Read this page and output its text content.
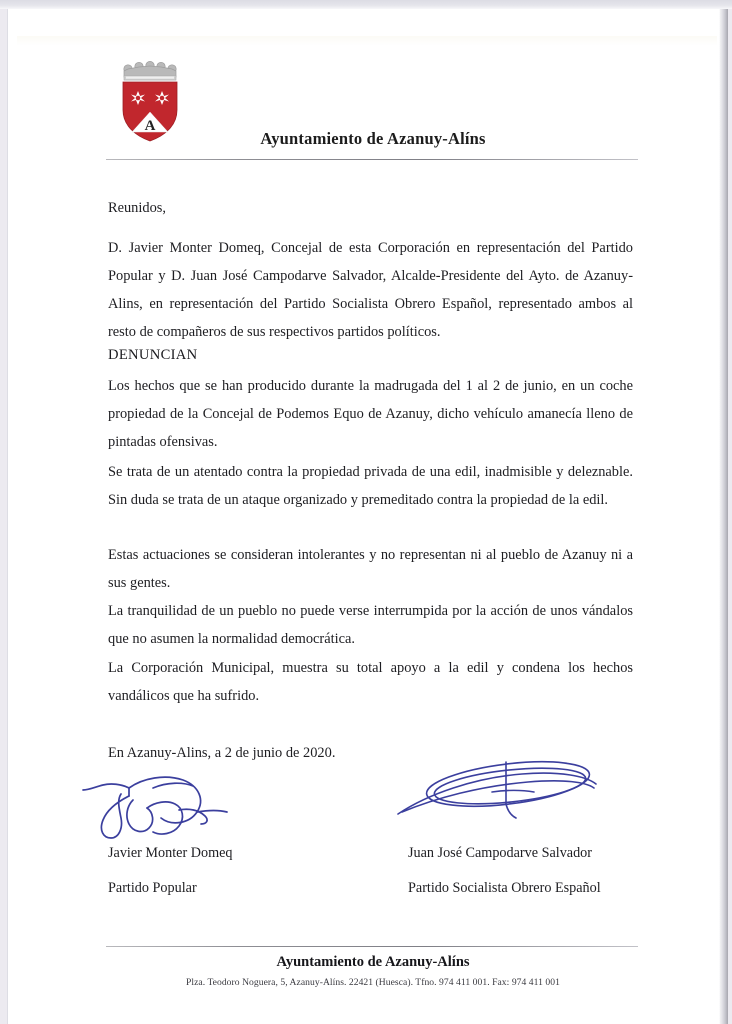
A
Ayuntamiento de Azanuy-Alíns
Reunidos,
D. Javier Monter Domeq, Concejal de esta Corporación en representación del Partido Popular y D. Juan José Campodarve Salvador, Alcalde-Presidente del Ayto. de Azanuy-Alins, en representación del Partido Socialista Obrero Español, representado ambos al resto de compañeros de sus respectivos partidos políticos.
DENUNCIAN
Los hechos que se han producido durante la madrugada del 1 al 2 de junio, en un coche propiedad de la Concejal de Podemos Equo de Azanuy, dicho vehículo amanecía lleno de pintadas ofensivas.
Se trata de un atentado contra la propiedad privada de una edil, inadmisible y deleznable. Sin duda se trata de un ataque organizado y premeditado contra la propiedad de la edil.
Estas actuaciones se consideran intolerantes y no representan ni al pueblo de Azanuy ni a sus gentes.
La tranquilidad de un pueblo no puede verse interrumpida por la acción de unos vándalos que no asumen la normalidad democrática.
La Corporación Municipal, muestra su total apoyo a la edil y condena los hechos vandálicos que ha sufrido.
En Azanuy-Alins, a 2 de junio de 2020.
Javier Monter Domeq	Juan José Campodarve Salvador
Partido Popular	Partido Socialista Obrero Español
Ayuntamiento de Azanuy-Alíns
Plza. Teodoro Noguera, 5, Azanuy-Alíns. 22421 (Huesca). Tfno. 974 411 001. Fax: 974 411 001
